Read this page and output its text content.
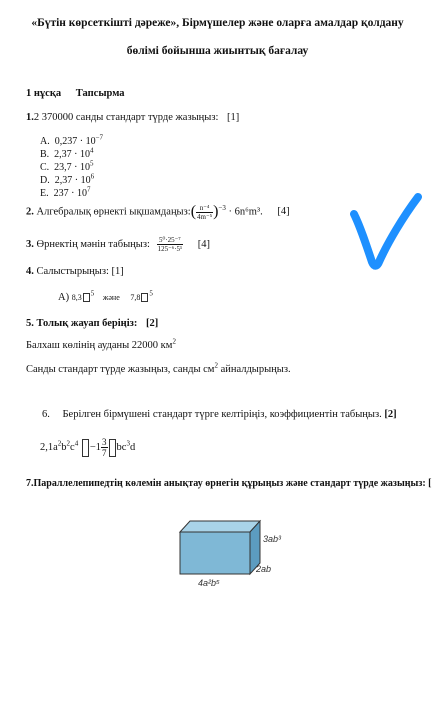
«Бүтін көрсеткішті дәреже», Бірмүшелер және оларға амалдар қолдану
бөлімі бойынша жиынтық бағалау
1 нұсқа Тапсырма
1.2 370000 санды стандарт түрде жазыңыз: [1]
A. $0,237 \cdot 10^{-7}$
B. $2,37 \cdot 10^4$
C. $23,7 \cdot 10^5$
D. $2,37 \cdot 10^6$
E. $237 \cdot 10^7$
2. Алгебралық өрнекті ықшамдаңыз:( $\frac{\text{n⁻⁴}}{\text{4m⁻⁵}} )^{-3} \cdot 6n^6m^3$. [4]
3. Өрнектің мәнін табыңыз: $\frac{\text{5⁰·25⁻⁷}}{\text{125⁻⁶·5¹}} [4]$
4. Салыстырыңыз: [1]
A) 8,3 $^5$ және 7,8 $^5$
5. Толық жауап беріңіз: [2]
Балхаш көлінің ауданы 22000 $км^2$
Санды стандарт түрде жазыңыз, санды $см^2$ айналдырыңыз.
6. Берілген бірмүшені стандарт түрге келтіріңіз, коэффициентін табыңыз. [2]
$2,1a^2b^2c^4 -1 \frac{3}{7} bc^3d$
7.Параллелепипедтің көлемін анықтау өрнегін құрыңыз және стандарт түрде жазыңыз: [
3ab³
2ab
4a²b⁵
